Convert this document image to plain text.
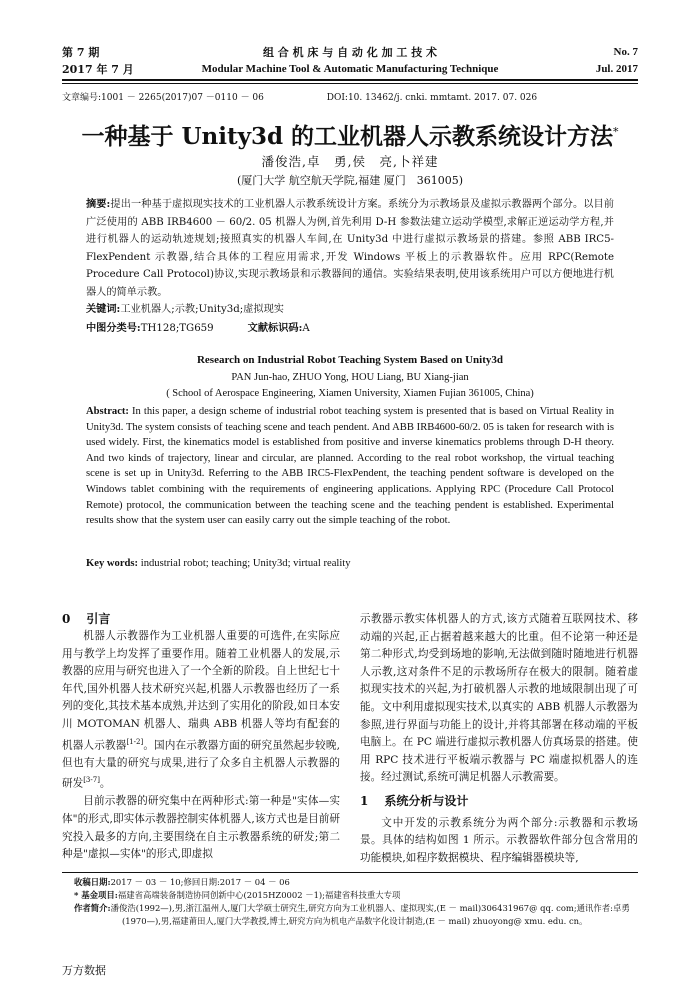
第 7 期
2017 年 7 月
组 合 机 床 与 自 动 化 加 工 技 术
Modular Machine Tool & Automatic Manufacturing Technique
No. 7
Jul. 2017
文章编号:1001 － 2265(2017)07 －0110 － 06	DOI:10. 13462/j. cnki. mmtamt. 2017. 07. 026
一种基于 Unity3d 的工业机器人示教系统设计方法*
潘俊浩,卓　勇,侯　亮,卜祥建
(厦门大学 航空航天学院,福建 厦门　361005)
摘要:提出一种基于虚拟现实技术的工业机器人示教系统设计方案。系统分为示教场景及虚拟示教器两个部分。以目前广泛使用的 ABB IRB4600 － 60/2. 05 机器人为例,首先利用 D-H 参数法建立运动学模型,求解正逆运动学方程,并进行机器人的运动轨迹规划;接照真实的机器人车间,在 Unity3d 中进行虚拟示教场景的搭建。参照 ABB IRC5-FlexPendent 示教器,结合具体的工程应用需求,开发 Windows 平板上的示教器软件。应用 RPC(Remote Procedure Call Protocol)协议,实现示教场景和示教器间的通信。实验结果表明,使用该系统用户可以方便地进行机器人的简单示教。
关键词:工业机器人;示教;Unity3d;虚拟现实
中图分类号:TH128;TG659	文献标识码:A
Research on Industrial Robot Teaching System Based on Unity3d
PAN Jun-hao, ZHUO Yong, HOU Liang, BU Xiang-jian
( School of Aerospace Engineering, Xiamen University, Xiamen Fujian 361005, China)
Abstract: In this paper, a design scheme of industrial robot teaching system is presented that is based on Virtual Reality in Unity3d. The system consists of teaching scene and teach pendent. And ABB IRB4600-60/2. 05 is taken for research with is used widely. First, the kinematics model is established from positive and inverse kinematics problems through D-H theory. And two kinds of trajectory, linear and circular, are planned. According to the real robot workshop, the virtual teaching scene is set up in Unity3d. Referring to the ABB IRC5-FlexPendent, the teaching pendent software is developed on the Windows tablet combining with the requirements of engineering applications. Applying RPC (Procedure Call Protocol Remote) protocol, the communication between the teaching scene and the teaching pendent is established. Experimental results show that the system user can easily carry out the simple teaching of the robot.
Key words: industrial robot; teaching; Unity3d; virtual reality
0 引言

机器人示教器作为工业机器人重要的可选件,在实际应用与教学上均发挥了重要作用。随着工业机器人的发展,示教器的应用与研究也进入了一个全新的阶段。自上世纪七十年代,国外机器人技术研究兴起,机器人示教器也经历了一系列的变化,其技术基本成熟,并达到了实用化的阶段,如日本安川 MOTOMAN 机器人、瑞典 ABB 机器人等均有配套的机器人示教器[1-2]。国内在示教器方面的研究虽然起步较晚,但也有大量的研究与成果,进行了众多自主机器人示教器的研发[3-7]。

目前示教器的研究集中在两种形式:第一种是"实体—实体"的形式,即实体示教器控制实体机器人,该方式也是目前研究投入最多的方向,主要围绕在自主示教器系统的研发;第二种是"虚拟—实体"的形式,即虚拟

示教器示教实体机器人的方式,该方式随着互联网技术、移动端的兴起,正占据着越来越大的比重。但不论第一种还是第二种形式,均受到场地的影响,无法做到随时随地进行机器人示教,这对条件不足的示教场所存在极大的限制。随着虚拟现实技术的兴起,为打破机器人示教的地域限制出现了可能。文中利用虚拟现实技术,以真实的 ABB 机器人示教器为参照,进行界面与功能上的设计,并将其部署在移动端的平板电脑上。在 PC 端进行虚拟示教机器人仿真场景的搭建。使用 RPC 技术进行平板端示教器与 PC 端虚拟机器人的连接。经过测试,系统可满足机器人示教需要。

1 系统分析与设计

文中开发的示教系统分为两个部分:示教器和示教场景。具体的结构如图 1 所示。示教器软件部分包含常用的功能模块,如程序数据模块、程序编辑器模块等,

收稿日期:2017 － 03 － 10;修回日期:2017 － 04 － 06
* 基金项目:福建省高端装备制造协同创新中心(2015HZ0002 －1);福建省科技重大专项
作者简介:潘俊浩(1992—),男,浙江温州人,厦门大学硕士研究生,研究方向为工业机器人、虚拟现实,(E － mail)306431967@ qq. com;通讯作者:卓勇(1970—),男,福建莆田人,厦门大学教授,博士,研究方向为机电产品数字化设计制造,(E － mail) zhuoyong@ xmu. edu. cn。
万方数据
